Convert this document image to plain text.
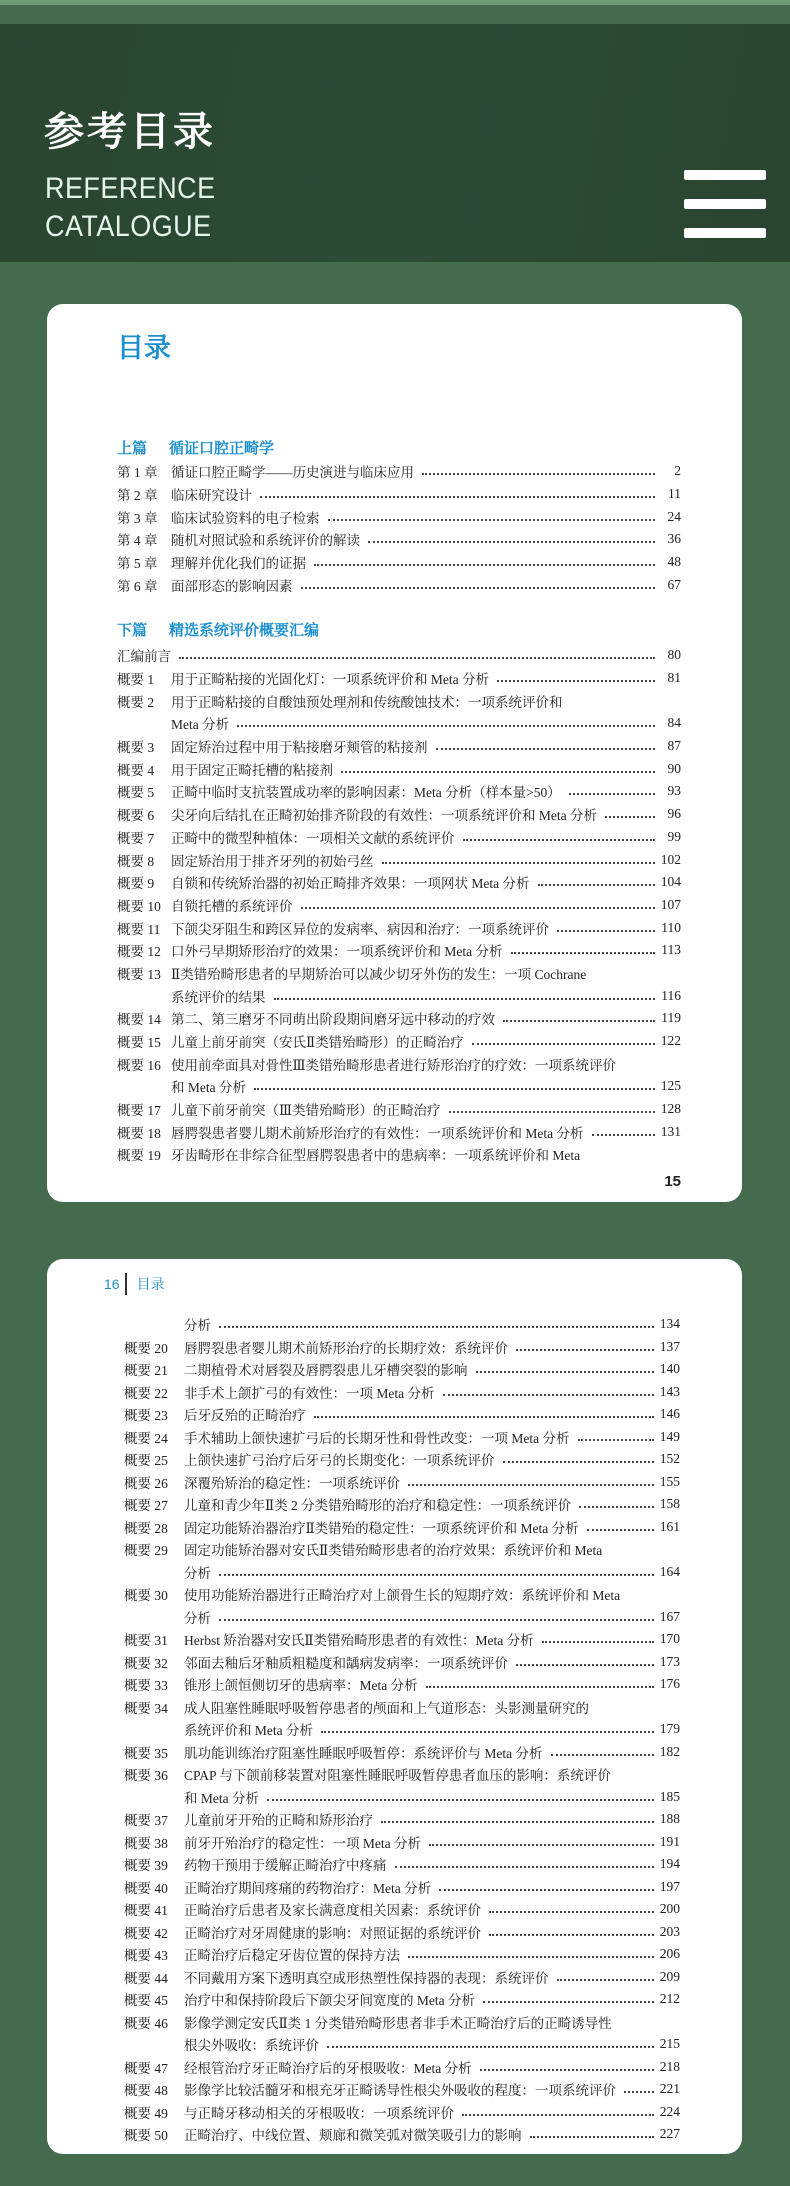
参考目录
REFERENCE
CATALOGUE
目录
上篇 循证口腔正畸学
第 1 章	循证口腔正畸学——历史演进与临床应用	2
第 2 章	临床研究设计	11
第 3 章	临床试验资料的电子检索	24
第 4 章	随机对照试验和系统评价的解读	36
第 5 章	理解并优化我们的证据	48
第 6 章	面部形态的影响因素	67
下篇 精选系统评价概要汇编
汇编前言	80
概要 1	用于正畸粘接的光固化灯：一项系统评价和 Meta 分析	81
概要 2	用于正畸粘接的自酸蚀预处理剂和传统酸蚀技术：一项系统评价和
Meta 分析	84
概要 3	固定矫治过程中用于粘接磨牙颊管的粘接剂	87
概要 4	用于固定正畸托槽的粘接剂	90
概要 5	正畸中临时支抗装置成功率的影响因素：Meta 分析（样本量>50）	93
概要 6	尖牙向后结扎在正畸初始排齐阶段的有效性：一项系统评价和 Meta 分析	96
概要 7	正畸中的微型种植体：一项相关文献的系统评价	99
概要 8	固定矫治用于排齐牙列的初始弓丝	102
概要 9	自锁和传统矫治器的初始正畸排齐效果：一项网状 Meta 分析	104
概要 10 自锁托槽的系统评价	107
概要 11 下颌尖牙阻生和跨区异位的发病率、病因和治疗：一项系统评价	110
概要 12 口外弓早期矫形治疗的效果：一项系统评价和 Meta 分析	113
概要 13 Ⅱ类错殆畸形患者的早期矫治可以减少切牙外伤的发生：一项 Cochrane
系统评价的结果	116
概要 14 第二、第三磨牙不同萌出阶段期间磨牙远中移动的疗效	119
概要 15 儿童上前牙前突（安氏Ⅱ类错殆畸形）的正畸治疗	122
概要 16 使用前牵面具对骨性Ⅲ类错殆畸形患者进行矫形治疗的疗效：一项系统评价
和 Meta 分析	125
概要 17 儿童下前牙前突（Ⅲ类错殆畸形）的正畸治疗	128
概要 18 唇腭裂患者婴儿期术前矫形治疗的有效性：一项系统评价和 Meta 分析	131
概要 19 牙齿畸形在非综合征型唇腭裂患者中的患病率：一项系统评价和 Meta
15
16 目录
分析	134
概要 20	唇腭裂患者婴儿期术前矫形治疗的长期疗效：系统评价	137
概要 21	二期植骨术对唇裂及唇腭裂患儿牙槽突裂的影响	140
概要 22	非手术上颌扩弓的有效性：一项 Meta 分析	143
概要 23	后牙反殆的正畸治疗	146
概要 24	手术辅助上颌快速扩弓后的长期牙性和骨性改变：一项 Meta 分析	149
概要 25	上颌快速扩弓治疗后牙弓的长期变化：一项系统评价	152
概要 26	深覆殆矫治的稳定性：一项系统评价	155
概要 27	儿童和青少年Ⅱ类 2 分类错殆畸形的治疗和稳定性：一项系统评价	158
概要 28	固定功能矫治器治疗Ⅱ类错殆的稳定性：一项系统评价和 Meta 分析	161
概要 29	固定功能矫治器对安氏Ⅱ类错殆畸形患者的治疗效果：系统评价和 Meta
分析	164
概要 30	使用功能矫治器进行正畸治疗对上颌骨生长的短期疗效：系统评价和 Meta
分析	167
概要 31	Herbst 矫治器对安氏Ⅱ类错殆畸形患者的有效性：Meta 分析	170
概要 32	邻面去釉后牙釉质粗糙度和龋病发病率：一项系统评价	173
概要 33	锥形上颌恒侧切牙的患病率：Meta 分析	176
概要 34	成人阻塞性睡眠呼吸暂停患者的颅面和上气道形态：头影测量研究的
系统评价和 Meta 分析	179
概要 35	肌功能训练治疗阻塞性睡眠呼吸暂停：系统评价与 Meta 分析	182
概要 36	CPAP 与下颌前移装置对阻塞性睡眠呼吸暂停患者血压的影响：系统评价
和 Meta 分析	185
概要 37	儿童前牙开殆的正畸和矫形治疗	188
概要 38	前牙开殆治疗的稳定性：一项 Meta 分析	191
概要 39	药物干预用于缓解正畸治疗中疼痛	194
概要 40	正畸治疗期间疼痛的药物治疗：Meta 分析	197
概要 41	正畸治疗后患者及家长满意度相关因素：系统评价	200
概要 42	正畸治疗对牙周健康的影响：对照证据的系统评价	203
概要 43	正畸治疗后稳定牙齿位置的保持方法	206
概要 44	不同戴用方案下透明真空成形热塑性保持器的表现：系统评价	209
概要 45	治疗中和保持阶段后下颌尖牙间宽度的 Meta 分析	212
概要 46	影像学测定安氏Ⅱ类 1 分类错殆畸形患者非手术正畸治疗后的正畸诱导性
根尖外吸收：系统评价	215
概要 47	经根管治疗牙正畸治疗后的牙根吸收：Meta 分析	218
概要 48	影像学比较活髓牙和根充牙正畸诱导性根尖外吸收的程度：一项系统评价	221
概要 49	与正畸牙移动相关的牙根吸收：一项系统评价	224
概要 50	正畸治疗、中线位置、颊廊和微笑弧对微笑吸引力的影响	227
